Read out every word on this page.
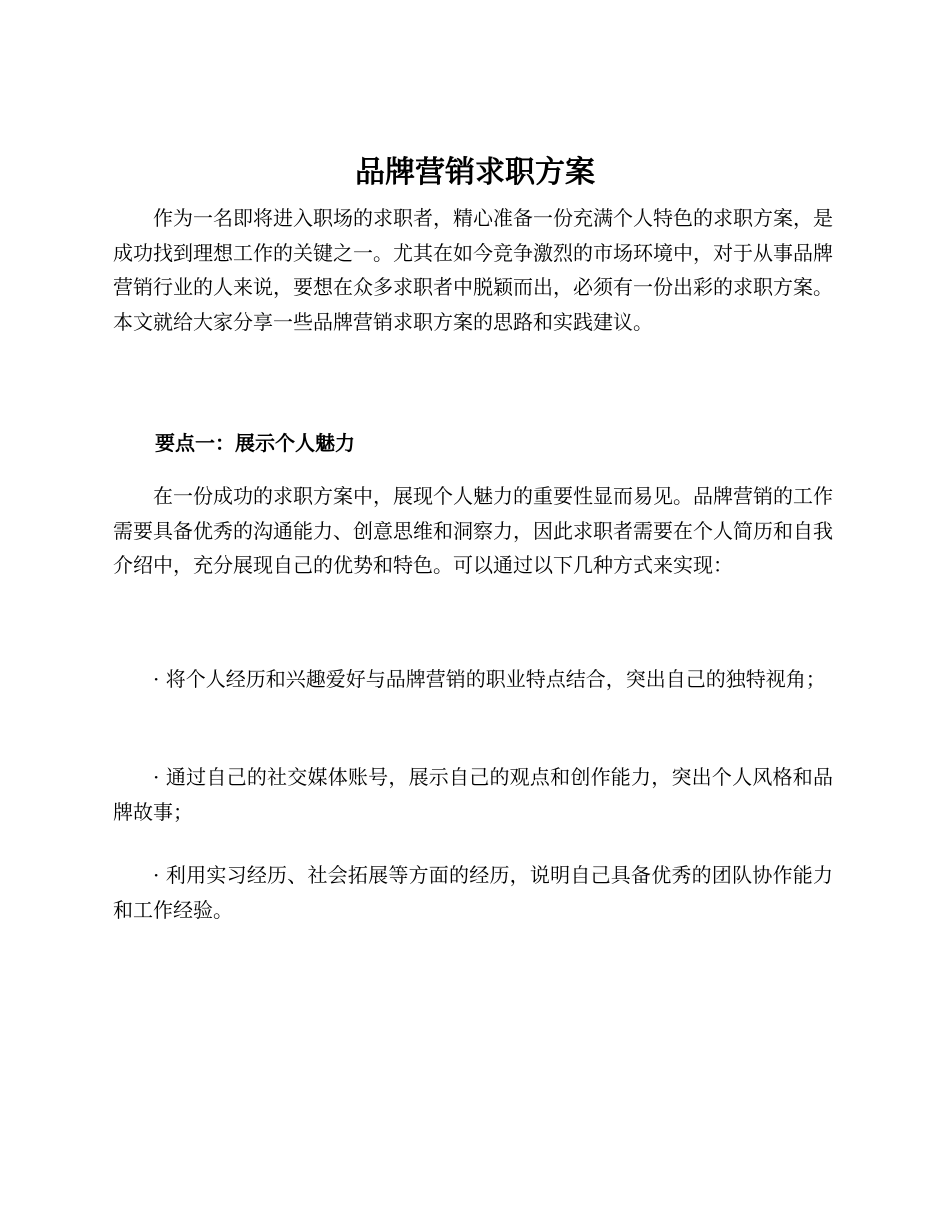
品牌营销求职方案

作为一名即将进入职场的求职者，精心准备一份充满个人特色的求职方案，是成功找到理想工作的关键之一。尤其在如今竞争激烈的市场环境中，对于从事品牌营销行业的人来说，要想在众多求职者中脱颖而出，必须有一份出彩的求职方案。本文就给大家分享一些品牌营销求职方案的思路和实践建议。

要点一：展示个人魅力

在一份成功的求职方案中，展现个人魅力的重要性显而易见。品牌营销的工作需要具备优秀的沟通能力、创意思维和洞察力，因此求职者需要在个人简历和自我介绍中，充分展现自己的优势和特色。可以通过以下几种方式来实现：

· 将个人经历和兴趣爱好与品牌营销的职业特点结合，突出自己的独特视角；

· 通过自己的社交媒体账号，展示自己的观点和创作能力，突出个人风格和品牌故事；

· 利用实习经历、社会拓展等方面的经历，说明自己具备优秀的团队协作能力和工作经验。
